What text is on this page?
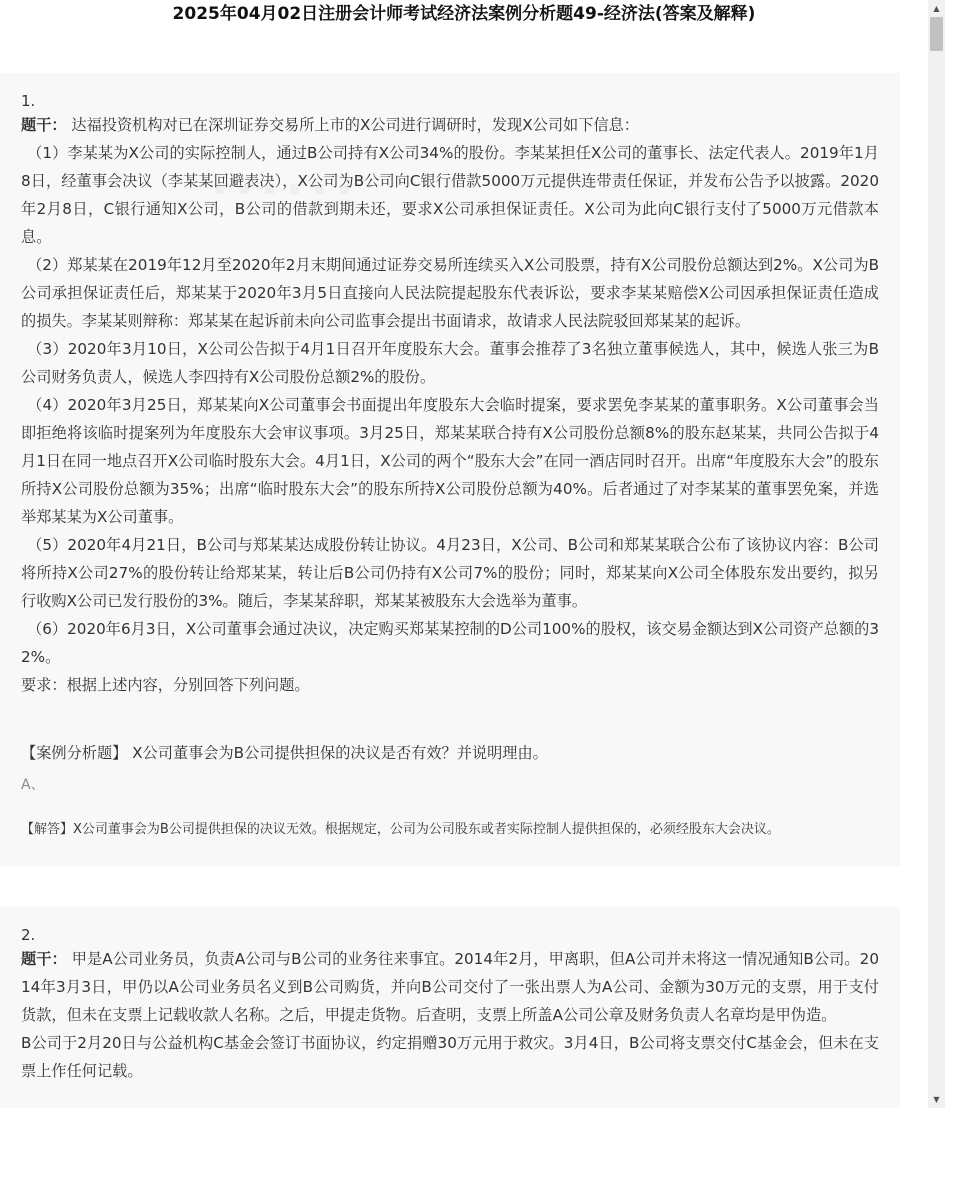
2025年04月02日注册会计师考试经济法案例分析题49-经济法(答案及解释)
1.

题干： 达福投资机构对已在深圳证券交易所上市的X公司进行调研时，发现X公司如下信息：

（1）李某某为X公司的实际控制人，通过B公司持有X公司34%的股份。李某某担任X公司的董事长、法定代表人。2019年1月8日，经董事会决议（李某某回避表决），X公司为B公司向C银行借款5000万元提供连带责任保证，并发布公告予以披露。2020年2月8日，C银行通知X公司，B公司的借款到期未还，要求X公司承担保证责任。X公司为此向C银行支付了5000万元借款本息。

（2）郑某某在2019年12月至2020年2月末期间通过证券交易所连续买入X公司股票，持有X公司股份总额达到2%。X公司为B公司承担保证责任后，郑某某于2020年3月5日直接向人民法院提起股东代表诉讼，要求李某某赔偿X公司因承担保证责任造成的损失。李某某则辩称：郑某某在起诉前未向公司监事会提出书面请求，故请求人民法院驳回郑某某的起诉。

（3）2020年3月10日，X公司公告拟于4月1日召开年度股东大会。董事会推荐了3名独立董事候选人，其中，候选人张三为B公司财务负责人，候选人李四持有X公司股份总额2%的股份。

（4）2020年3月25日，郑某某向X公司董事会书面提出年度股东大会临时提案，要求罢免李某某的董事职务。X公司董事会当即拒绝将该临时提案列为年度股东大会审议事项。3月25日，郑某某联合持有X公司股份总额8%的股东赵某某，共同公告拟于4月1日在同一地点召开X公司临时股东大会。4月1日，X公司的两个“股东大会”在同一酒店同时召开。出席“年度股东大会”的股东所持X公司股份总额为35%；出席“临时股东大会”的股东所持X公司股份总额为40%。后者通过了对李某某的董事罢免案，并选举郑某某为X公司董事。

（5）2020年4月21日，B公司与郑某某达成股份转让协议。4月23日，X公司、B公司和郑某某联合公布了该协议内容：B公司将所持X公司27%的股份转让给郑某某，转让后B公司仍持有X公司7%的股份；同时，郑某某向X公司全体股东发出要约，拟另行收购X公司已发行股份的3%。随后，李某某辞职，郑某某被股东大会选举为董事。

（6）2020年6月3日，X公司董事会通过决议，决定购买郑某某控制的D公司100%的股权，该交易金额达到X公司资产总额的32%。

要求：根据上述内容，分别回答下列问题。

【案例分析题】 X公司董事会为B公司提供担保的决议是否有效？并说明理由。
A、
【解答】X公司董事会为B公司提供担保的决议无效。根据规定，公司为公司股东或者实际控制人提供担保的，必须经股东大会决议。
2.

题干： 甲是A公司业务员，负责A公司与B公司的业务往来事宜。2014年2月，甲离职，但A公司并未将这一情况通知B公司。2014年3月3日，甲仍以A公司业务员名义到B公司购货，并向B公司交付了一张出票人为A公司、金额为30万元的支票，用于支付货款，但未在支票上记载收款人名称。之后，甲提走货物。后查明，支票上所盖A公司公章及财务负责人名章均是甲伪造。

B公司于2月20日与公益机构C基金会签订书面协议，约定捐赠30万元用于救灾。3月4日，B公司将支票交付C基金会，但未在支票上作任何记载。

▲
▼
